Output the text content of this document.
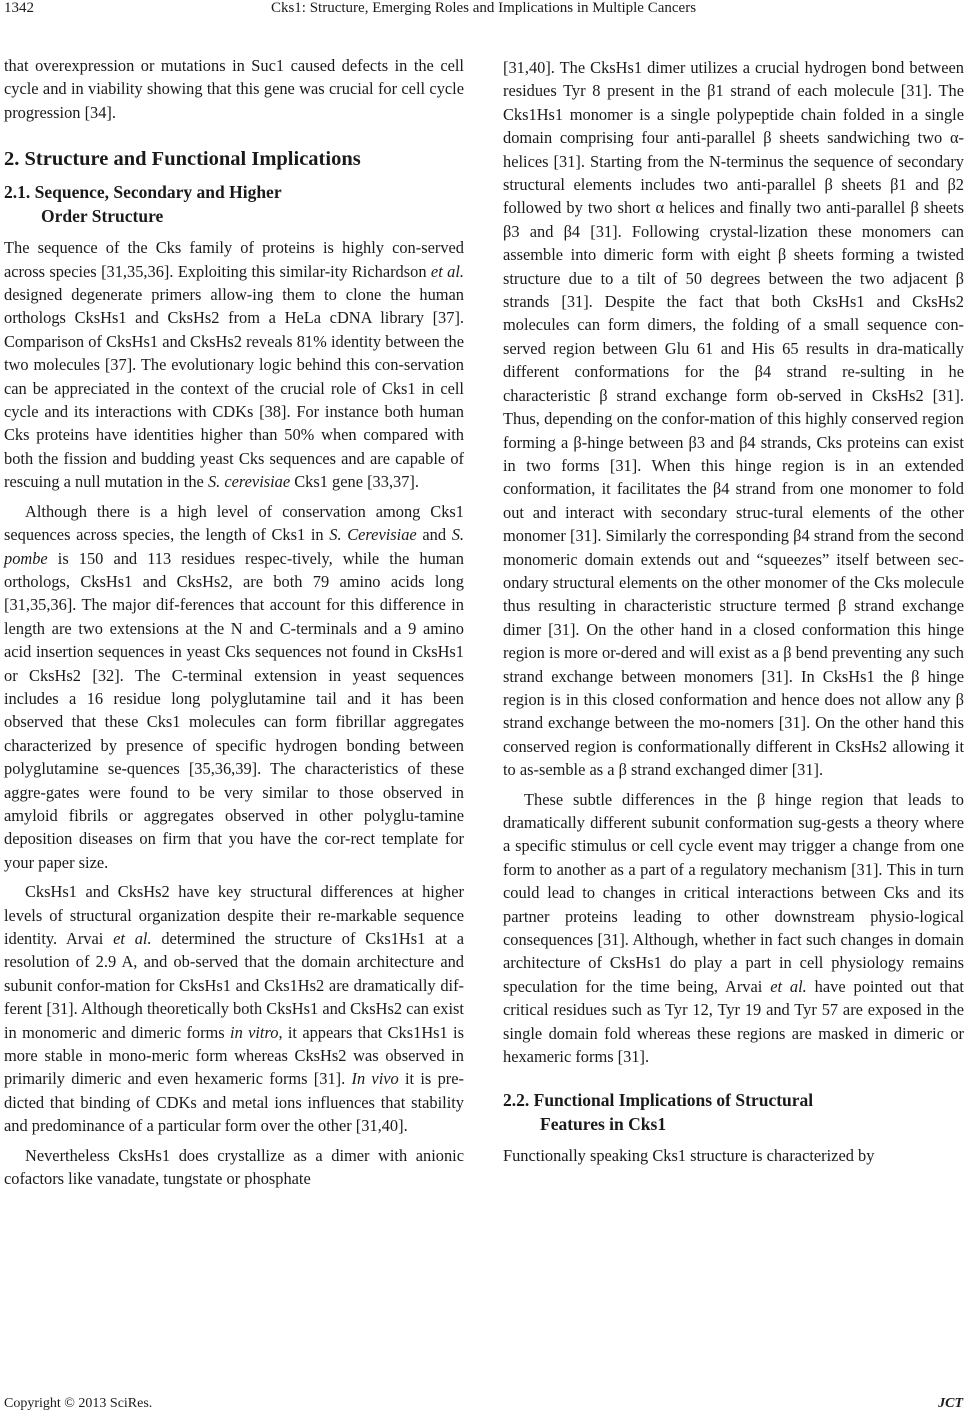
1342	Cks1: Structure, Emerging Roles and Implications in Multiple Cancers

that overexpression or mutations in Suc1 caused defects in the cell cycle and in viability showing that this gene was crucial for cell cycle progression [34].

2. Structure and Functional Implications
2.1. Sequence, Secondary and Higher
Order Structure

The sequence of the Cks family of proteins is highly con-served across species [31,35,36]. Exploiting this similar-ity Richardson et al. designed degenerate primers allow-ing them to clone the human orthologs CksHs1 and CksHs2 from a HeLa cDNA library [37]. Comparison of CksHs1 and CksHs2 reveals 81% identity between the two molecules [37]. The evolutionary logic behind this con-servation can be appreciated in the context of the crucial role of Cks1 in cell cycle and its interactions with CDKs [38]. For instance both human Cks proteins have identities higher than 50% when compared with both the fission and budding yeast Cks sequences and are capable of rescuing a null mutation in the S. cerevisiae Cks1 gene [33,37].

Although there is a high level of conservation among Cks1 sequences across species, the length of Cks1 in S. Cerevisiae and S. pombe is 150 and 113 residues respec-tively, while the human orthologs, CksHs1 and CksHs2, are both 79 amino acids long [31,35,36]. The major dif-ferences that account for this difference in length are two extensions at the N and C-terminals and a 9 amino acid insertion sequences in yeast Cks sequences not found in CksHs1 or CksHs2 [32]. The C-terminal extension in yeast sequences includes a 16 residue long polyglutamine tail and it has been observed that these Cks1 molecules can form fibrillar aggregates characterized by presence of specific hydrogen bonding between polyglutamine se-quences [35,36,39]. The characteristics of these aggre-gates were found to be very similar to those observed in amyloid fibrils or aggregates observed in other polyglu-tamine deposition diseases on firm that you have the cor-rect template for your paper size.

CksHs1 and CksHs2 have key structural differences at higher levels of structural organization despite their re-markable sequence identity. Arvai et al. determined the structure of Cks1Hs1 at a resolution of 2.9 A, and ob-served that the domain architecture and subunit confor-mation for CksHs1 and Cks1Hs2 are dramatically dif-ferent [31]. Although theoretically both CksHs1 and CksHs2 can exist in monomeric and dimeric forms in vitro, it appears that Cks1Hs1 is more stable in mono-meric form whereas CksHs2 was observed in primarily dimeric and even hexameric forms [31]. In vivo it is pre-dicted that binding of CDKs and metal ions influences that stability and predominance of a particular form over the other [31,40].

Nevertheless CksHs1 does crystallize as a dimer with anionic cofactors like vanadate, tungstate or phosphate

[31,40]. The CksHs1 dimer utilizes a crucial hydrogen bond between residues Tyr 8 present in the β1 strand of each molecule [31]. The Cks1Hs1 monomer is a single polypeptide chain folded in a single domain comprising four anti-parallel β sheets sandwiching two α-helices [31]. Starting from the N-terminus the sequence of secondary structural elements includes two anti-parallel β sheets β1 and β2 followed by two short α helices and finally two anti-parallel β sheets β3 and β4 [31]. Following crystal-lization these monomers can assemble into dimeric form with eight β sheets forming a twisted structure due to a tilt of 50 degrees between the two adjacent β strands [31]. Despite the fact that both CksHs1 and CksHs2 molecules can form dimers, the folding of a small sequence con-served region between Glu 61 and His 65 results in dra-matically different conformations for the β4 strand re-sulting in he characteristic β strand exchange form ob-served in CksHs2 [31]. Thus, depending on the confor-mation of this highly conserved region forming a β-hinge between β3 and β4 strands, Cks proteins can exist in two forms [31]. When this hinge region is in an extended conformation, it facilitates the β4 strand from one monomer to fold out and interact with secondary struc-tural elements of the other monomer [31]. Similarly the corresponding β4 strand from the second monomeric domain extends out and “squeezes” itself between sec-ondary structural elements on the other monomer of the Cks molecule thus resulting in characteristic structure termed β strand exchange dimer [31]. On the other hand in a closed conformation this hinge region is more or-dered and will exist as a β bend preventing any such strand exchange between monomers [31]. In CksHs1 the β hinge region is in this closed conformation and hence does not allow any β strand exchange between the mo-nomers [31]. On the other hand this conserved region is conformationally different in CksHs2 allowing it to as-semble as a β strand exchanged dimer [31].

These subtle differences in the β hinge region that leads to dramatically different subunit conformation sug-gests a theory where a specific stimulus or cell cycle event may trigger a change from one form to another as a part of a regulatory mechanism [31]. This in turn could lead to changes in critical interactions between Cks and its partner proteins leading to other downstream physio-logical consequences [31]. Although, whether in fact such changes in domain architecture of CksHs1 do play a part in cell physiology remains speculation for the time being, Arvai et al. have pointed out that critical residues such as Tyr 12, Tyr 19 and Tyr 57 are exposed in the single domain fold whereas these regions are masked in dimeric or hexameric forms [31].

2.2. Functional Implications of Structural
Features in Cks1

Functionally speaking Cks1 structure is characterized by

Copyright © 2013 SciRes.	JCT
